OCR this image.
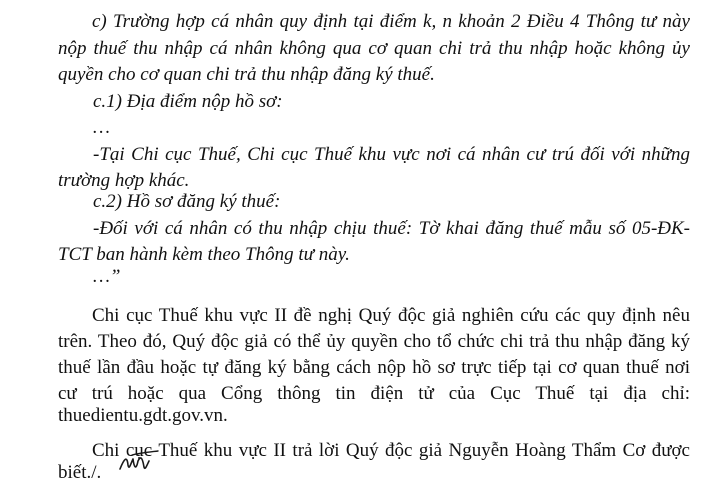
c) Trường hợp cá nhân quy định tại điểm k, n khoản 2 Điều 4 Thông tư này
nộp thuế thu nhập cá nhân không qua cơ quan chi trả thu nhập hoặc không ủy
quyền cho cơ quan chi trả thu nhập đăng ký thuế.
c.1) Địa điểm nộp hồ sơ:
…
-Tại Chi cục Thuế, Chi cục Thuế khu vực nơi cá nhân cư trú đối với những
trường hợp khác.
c.2) Hồ sơ đăng ký thuế:
-Đối với cá nhân có thu nhập chịu thuế: Tờ khai đăng thuế mẫu số 05-ĐK-
TCT ban hành kèm theo Thông tư này.
…”
Chi cục Thuế khu vực II đề nghị Quý độc giả nghiên cứu các quy định nêu
trên. Theo đó, Quý độc giả có thể ủy quyền cho tổ chức chi trả thu nhập đăng ký
thuế lần đầu hoặc tự đăng ký bằng cách nộp hồ sơ trực tiếp tại cơ quan thuế nơi
cư trú hoặc qua Cổng thông tin điện tử của Cục Thuế tại địa chỉ:
thuedientu.gdt.gov.vn.
Chi cục Thuế khu vực II trả lời Quý độc giả Nguyễn Hoàng Thẩm Cơ được
biết./.
